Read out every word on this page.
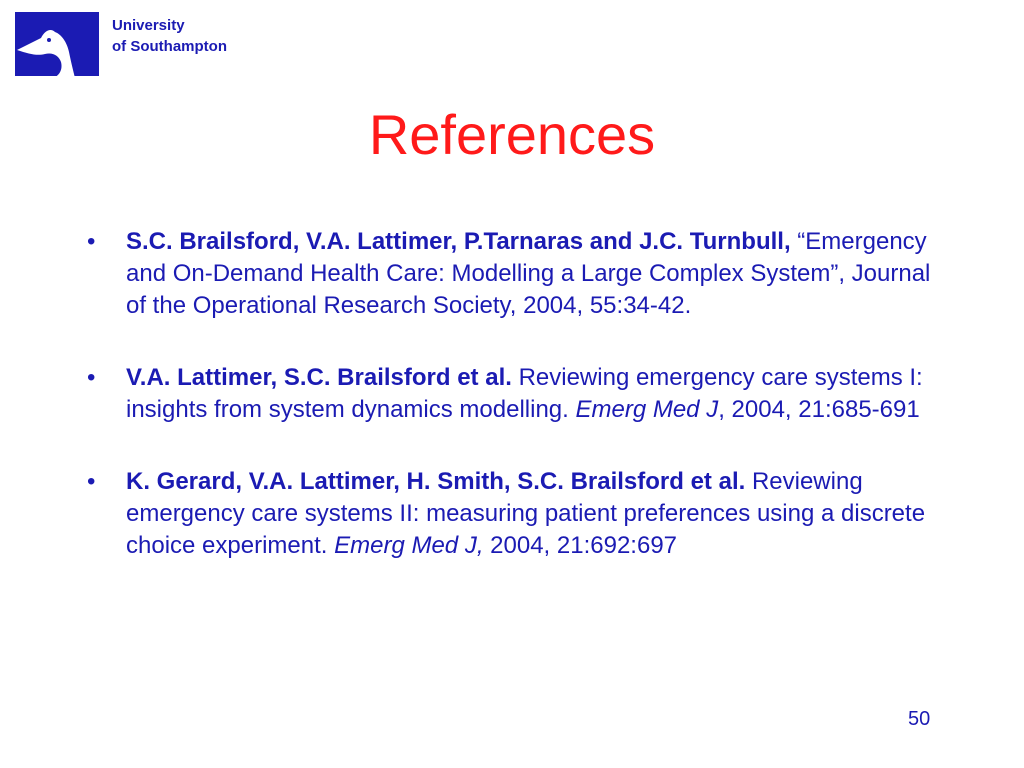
University
of Southampton
References
• S.C. Brailsford, V.A. Lattimer, P.Tarnaras and J.C. Turnbull, “Emergency and On-Demand Health Care: Modelling a Large Complex System”, Journal of the Operational Research Society, 2004, 55:34-42.
• V.A. Lattimer, S.C. Brailsford et al. Reviewing emergency care systems I: insights from system dynamics modelling. Emerg Med J, 2004, 21:685-691
• K. Gerard, V.A. Lattimer, H. Smith, S.C. Brailsford et al. Reviewing emergency care systems II: measuring patient preferences using a discrete choice experiment. Emerg Med J, 2004, 21:692:697
50
